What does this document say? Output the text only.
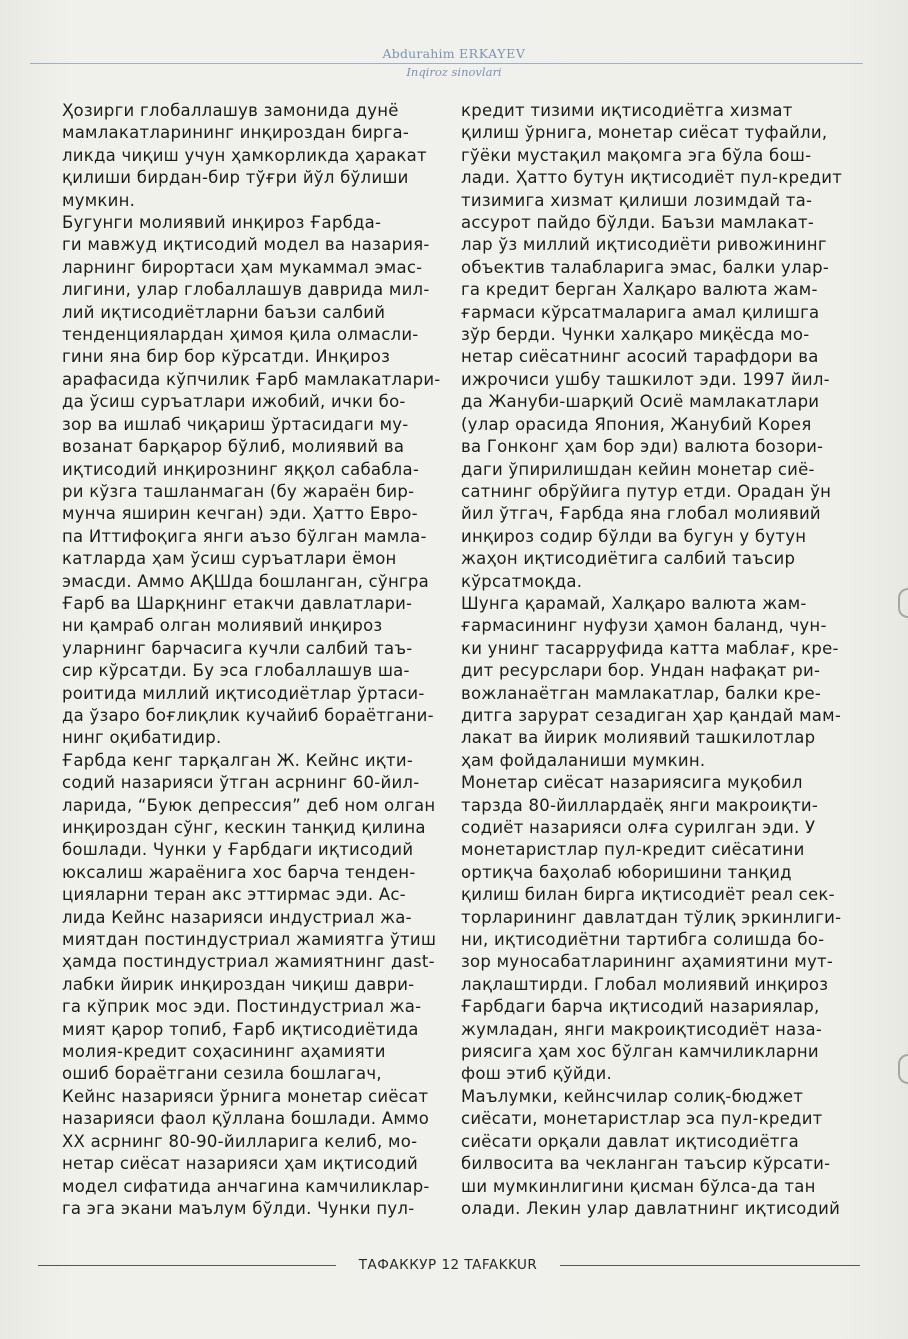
Abdurahim ERKAYEV
Inqiroz sinovlari

Ҳозирги глобаллашув замонида дунё
мамлакатларининг инқироздан бирга-
ликда чиқиш учун ҳамкорликда ҳаракат
қилиши бирдан-бир тўғри йўл бўлиши
мумкин.

Бугунги молиявий инқироз Ғарбда-
ги мавжуд иқтисодий модел ва назария-
ларнинг бирортаси ҳам мукаммал эмас-
лигини, улар глобаллашув даврида мил-
лий иқтисодиётларни баъзи салбий
тенденциялардан ҳимоя қила олмасли-
гини яна бир бор кўрсатди. Инқироз
арафасида кўпчилик Ғарб мамлакатлари-
да ўсиш суръатлари ижобий, ички бо-
зор ва ишлаб чиқариш ўртасидаги му-
возанат барқарор бўлиб, молиявий ва
иқтисодий инқирознинг яққол сабабла-
ри кўзга ташланмаган (бу жараён бир-
мунча яширин кечган) эди. Ҳатто Евро-
па Иттифоқига янги аъзо бўлган мамла-
катларда ҳам ўсиш суръатлари ёмон
эмасди. Аммо АҚШда бошланган, сўнгра
Ғарб ва Шарқнинг етакчи давлатлари-
ни қамраб олган молиявий инқироз
уларнинг барчасига кучли салбий таъ-
сир кўрсатди. Бу эса глобаллашув ша-
роитида миллий иқтисодиётлар ўртаси-
да ўзаро боғлиқлик кучайиб бораётгани-
нинг оқибатидир.

Ғарбда кенг тарқалган Ж. Кейнс иқти-
содий назарияси ўтган асрнинг 60-йил-
ларида, “Буюк депрессия” деб ном олган
инқироздан сўнг, кескин танқид қилина
бошлади. Чунки у Ғарбдаги иқтисодий
юксалиш жараёнига хос барча тенден-
цияларни теран акс эттирмас эди. Ас-
лида Кейнс назарияси индустриал жа-
миятдан постиндустриал жамиятга ўтиш
ҳамда постиндустриал жамиятнинг дast-
лабки йирик инқироздан чиқиш даври-
га кўприк мос эди. Постиндустриал жа-
мият қарор топиб, Ғарб иқтисодиётида
молия-кредит соҳасининг аҳамияти
ошиб бораётгани сезила бошлагач,
Кейнс назарияси ўрнига монетар сиёсат
назарияси фаол қўллана бошлади. Аммо
XX асрнинг 80-90-йилларига келиб, мо-
нетар сиёсат назарияси ҳам иқтисодий
модел сифатида анчагина камчиликлар-
га эга экани маълум бўлди. Чунки пул-

кредит тизими иқтисодиётга хизмат
қилиш ўрнига, монетар сиёсат туфайли,
гўёки мустақил мақомга эга бўла бош-
лади. Ҳатто бутун иқтисодиёт пул-кредит
тизимига хизмат қилиши лозимдай та-
ассурот пайдо бўлди. Баъзи мамлакат-
лар ўз миллий иқтисодиёти ривожининг
объектив талабларига эмас, балки улар-
га кредит берган Халқаро валюта жам-
ғармаси кўрсатмаларига амал қилишга
зўр берди. Чунки халқаро миқёсда мо-
нетар сиёсатнинг асосий тарафдори ва
ижрочиси ушбу ташкилот эди. 1997 йил-
да Жануби-шарқий Осиё мамлакатлари
(улар орасида Япония, Жанубий Корея
ва Гонконг ҳам бор эди) валюта бозори-
даги ўпирилишдан кейин монетар сиё-
сатнинг обрўйига путур етди. Орадан ўн
йил ўтгач, Ғарбда яна глобал молиявий
инқироз содир бўлди ва бугун у бутун
жаҳон иқтисодиётига салбий таъсир
кўрсатмоқда.

Шунга қарамай, Халқаро валюта жам-
ғармасининг нуфузи ҳамон баланд, чун-
ки унинг тасарруфида катта маблағ, кре-
дит ресурслари бор. Ундан нафақат ри-
вожланаётган мамлакатлар, балки кре-
дитга зарурат сезадиган ҳар қандай мам-
лакат ва йирик молиявий ташкилотлар
ҳам фойдаланиши мумкин.

Монетар сиёсат назариясига муқобил
тарзда 80-йиллардаёқ янги макроиқти-
содиёт назарияси олға сурилган эди. У
монетаристлар пул-кредит сиёсатини
ортиқча баҳолаб юборишини танқид
қилиш билан бирга иқтисодиёт реал сек-
торларининг давлатдан тўлиқ эркинлиги-
ни, иқтисодиётни тартибга солишда бо-
зор муносабатларининг аҳамиятини мут-
лақлаштирди. Глобал молиявий инқироз
Ғарбдаги барча иқтисодий назариялар,
жумладан, янги макроиқтисодиёт наза-
риясига ҳам хос бўлган камчиликларни
фош этиб қўйди.

Маълумки, кейнсчилар солиқ-бюджет
сиёсати, монетаристлар эса пул-кредит
сиёсати орқали давлат иқтисодиётга
билвосита ва чекланган таъсир кўрсати-
ши мумкинлигини қисман бўлса-да тан
олади. Лекин улар давлатнинг иқтисодий

ТАФАККУР 12 TAFAKKUR
